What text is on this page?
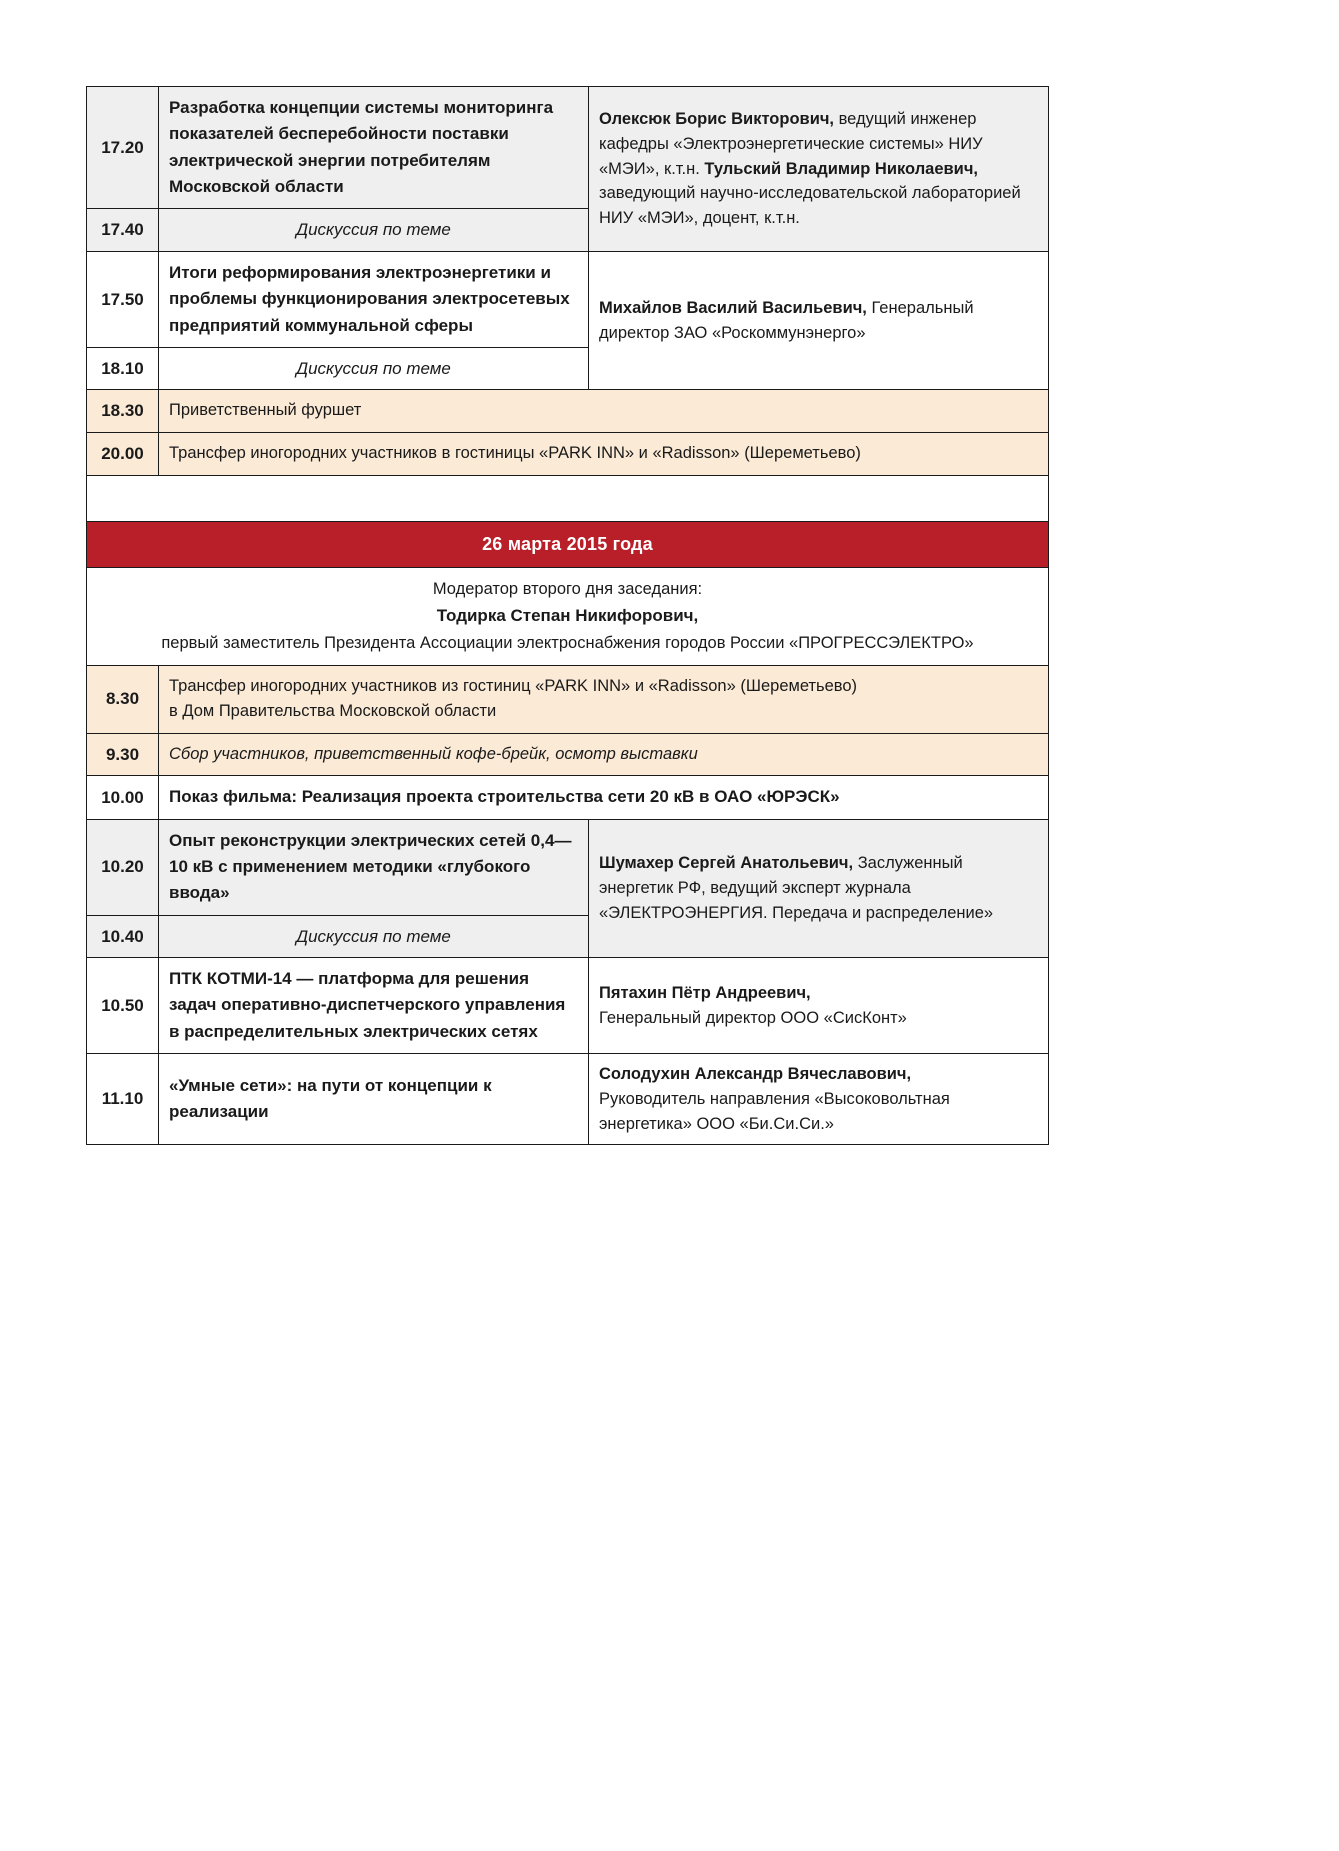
17.20	Разработка концепции системы мониторинга показателей бесперебойности поставки электрической энергии потребителям Московской области	Олексюк Борис Викторович, ведущий инженер кафедры «Электроэнергетические системы» НИУ «МЭИ», к.т.н. Тульский Владимир Николаевич, заведующий научно-исследовательской лабораторией НИУ «МЭИ», доцент, к.т.н.
17.40	Дискуссия по теме	
17.50	Итоги реформирования электроэнергетики и проблемы функционирования электросетевых предприятий коммунальной сферы	Михайлов Василий Васильевич, Генеральный директор ЗАО «Роскоммунэнерго»
18.10	Дискуссия по теме	
18.30	Приветственный фуршет	
20.00	Трансфер иногородних участников в гостиницы «PARK INN» и «Radisson» (Шереметьево)	

26 марта 2015 года		

Модератор второго дня заседания:
Тодирка Степан Никифорович,
первый заместитель Президента Ассоциации электроснабжения городов России «ПРОГРЕССЭЛЕКТРО»		

8.30	Трансфер иногородних участников из гостиниц «PARK INN» и «Radisson» (Шереметьево)
в Дом Правительства Московской области	

9.30	Сбор участников, приветственный кофе-брейк, осмотр выставки	
10.00	Показ фильма: Реализация проекта строительства сети 20 кВ в ОАО «ЮРЭСК»	
10.20	Опыт реконструкции электрических сетей 0,4—10 кВ с применением методики «глубокого ввода»	Шумахер Сергей Анатольевич, Заслуженный энергетик РФ, ведущий эксперт журнала «ЭЛЕКТРОЭНЕРГИЯ. Передача и распределение»
10.40	Дискуссия по теме	
10.50	ПТК КОТМИ-14 — платформа для решения задач оперативно-диспетчерского управления в распределительных электрических сетях	Пятахин Пётр Андреевич,
Генеральный директор ООО «СисКонт»

11.10	«Умные сети»: на пути от концепции к реализации	Солодухин Александр Вячеславович,
Руководитель направления «Высоковольтная энергетика» ООО «Би.Си.Си.»
